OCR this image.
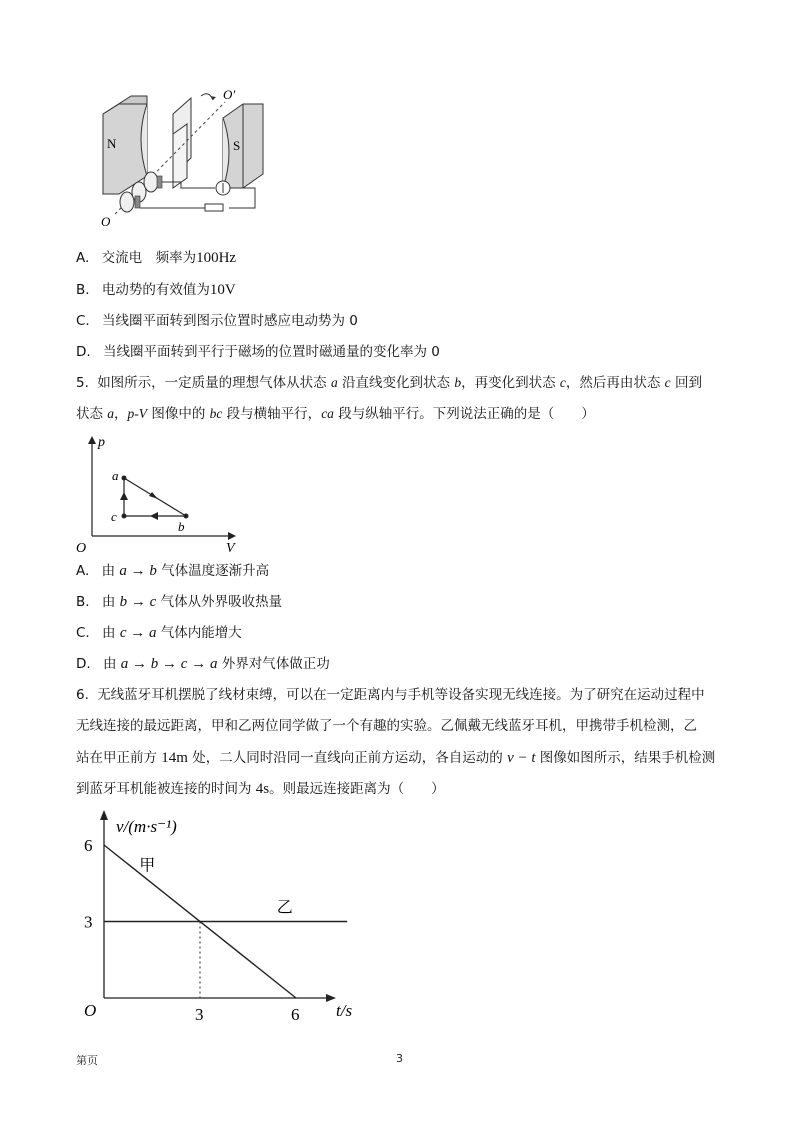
N
O′
S
O
A. 交流电　频率为100Hz
B. 电动势的有效值为10V
C. 当线圈平面转到图示位置时感应电动势为 0
D. 当线圈平面转到平行于磁场的位置时磁通量的变化率为 0
5. 如图所示，一定质量的理想气体从状态 a 沿直线变化到状态 b，再变化到状态 c，然后再由状态 c 回到
状态 a，p-V 图像中的 bc 段与横轴平行，ca 段与纵轴平行。下列说法正确的是（　　）
p
V
O
a
b
c
A. 由 a → b 气体温度逐渐升高
B. 由 b → c 气体从外界吸收热量
C. 由 c → a 气体内能增大
D. 由 a → b → c → a 外界对气体做正功
6. 无线蓝牙耳机摆脱了线材束缚，可以在一定距离内与手机等设备实现无线连接。为了研究在运动过程中
无线连接的最远距离，甲和乙两位同学做了一个有趣的实验。乙佩戴无线蓝牙耳机，甲携带手机检测，乙
站在甲正前方 14m 处，二人同时沿同一直线向正前方运动，各自运动的 v − t 图像如图所示，结果手机检测
到蓝牙耳机能被连接的时间为 4s。则最远连接距离为（　　）
v/(m·s⁻¹)
t/s
O
甲
乙
3	6
6
3
第页	3
